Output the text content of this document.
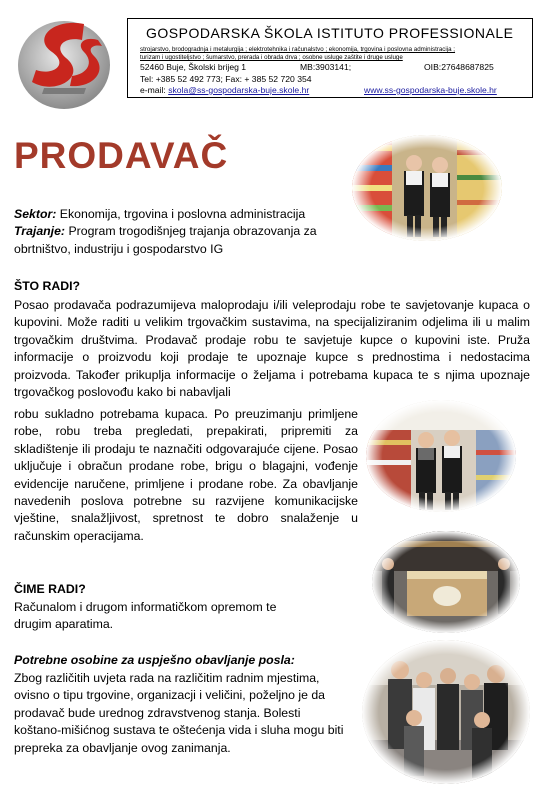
GOSPODARSKA ŠKOLA ISTITUTO PROFESSIONALE
strojarstvo, brodogradnja i metalurgija ; elektrotehnika i računalstvo ; ekonomija, trgovina i poslovna administracija ;
turizam i ugostiteljstvo ; šumarstvo, prerada i obrada drva ; osobne usluge zaštite i druge usluge
52460 Buje, Školski brijeg 1	MB:3903141;	OIB:27648687825
Tel: +385 52 492 773; Fax: + 385 52 720 354
e-mail: skola@ss-gospodarska-buje.skole.hr	www.ss-gospodarska-buje.skole.hr
PRODAVAČ

Sektor: Ekonomija, trgovina i poslovna administracija
Trajanje: Program trogodišnjeg trajanja obrazovanja za obrtništvo, industriju i gospodarstvo IG

ŠTO RADI?

Posao prodavača podrazumijeva maloprodaju i/ili veleprodaju robe te savjetovanje kupaca o kupovini. Može raditi u velikim trgovačkim sustavima, na specijaliziranim odjelima ili u malim trgovačkim društvima. Prodavač prodaje robu te savjetuje kupce o kupovini iste. Pruža informacije o proizvodu koji prodaje te upoznaje kupce s prednostima i nedostacima proizvoda. Također prikuplja informacije o željama i potrebama kupaca te s njima upoznaje trgovačkog poslovođu kako bi nabavljali

robu sukladno potrebama kupaca. Po preuzimanju primljene robe, robu treba pregledati, prepakirati, pripremiti za skladištenje ili prodaju te naznačiti odgovarajuće cijene. Posao uključuje i obračun prodane robe, brigu o blagajni, vođenje evidencije naručene, primljene i prodane robe. Za obavljanje navedenih poslova potrebne su razvijene komunikacijske vještine, snalažljivost, spretnost te dobro snalaženje u računskim operacijama.

ČIME RADI?

Računalom i drugom informatičkom opremom te drugim aparatima.

Potrebne osobine za uspješno obavljanje posla:

Zbog različitih uvjeta rada na različitim radnim mjestima, ovisno o tipu trgovine, organizacji i veličini, poželjno je da prodavač bude urednog zdravstvenog stanja. Bolesti koštano-mišićnog sustava te oštećenja vida i sluha mogu biti prepreka za obavljanje ovog zanimanja.
